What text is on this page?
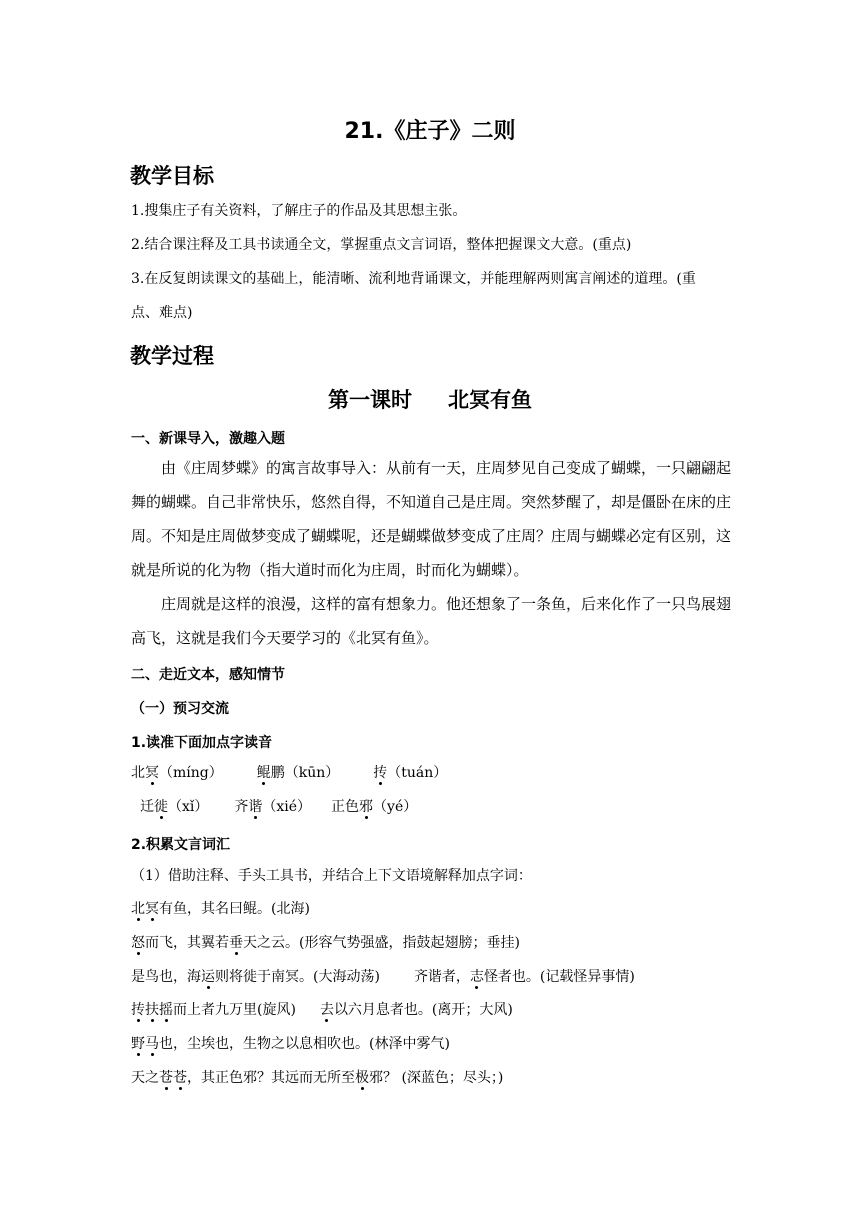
21.《庄子》二则
教学目标
1.搜集庄子有关资料，了解庄子的作品及其思想主张。
2.结合课注释及工具书读通全文，掌握重点文言词语，整体把握课文大意。(重点)
3.在反复朗读课文的基础上，能清晰、流利地背诵课文，并能理解两则寓言阐述的道理。(重
点、难点)
教学过程
第一课时 北冥有鱼
一、新课导入，激趣入题
由《庄周梦蝶》的寓言故事导入：从前有一天，庄周梦见自己变成了蝴蝶，一只翩翩起舞的蝴蝶。自己非常快乐，悠然自得，不知道自己是庄周。突然梦醒了，却是僵卧在床的庄周。不知是庄周做梦变成了蝴蝶呢，还是蝴蝶做梦变成了庄周？庄周与蝴蝶必定有区别，这就是所说的化为物（指大道时而化为庄周，时而化为蝴蝶）。
庄周就是这样的浪漫，这样的富有想象力。他还想象了一条鱼，后来化作了一只鸟展翅高飞，这就是我们今天要学习的《北冥有鱼》。
二、走近文本，感知情节
（一）预习交流
1.读准下面加点字读音
北冥（míng） 鲲鹏（kūn） 抟（tuán）
迁徙（xǐ） 齐谐（xié） 正色邪（yé）
2.积累文言词汇
（1）借助注释、手头工具书，并结合上下文语境解释加点字词：
北冥有鱼，其名曰鲲。(北海)
怒而飞，其翼若垂天之云。(形容气势强盛，指鼓起翅膀；垂挂)
是鸟也，海运则将徙于南冥。(大海动荡) 齐谐者，志怪者也。(记载怪异事情)
抟扶摇而上者九万里(旋风) 去以六月息者也。(离开；大风)
野马也，尘埃也，生物之以息相吹也。(林泽中雾气)
天之苍苍，其正色邪？其远而无所至极邪？ (深蓝色；尽头；)
